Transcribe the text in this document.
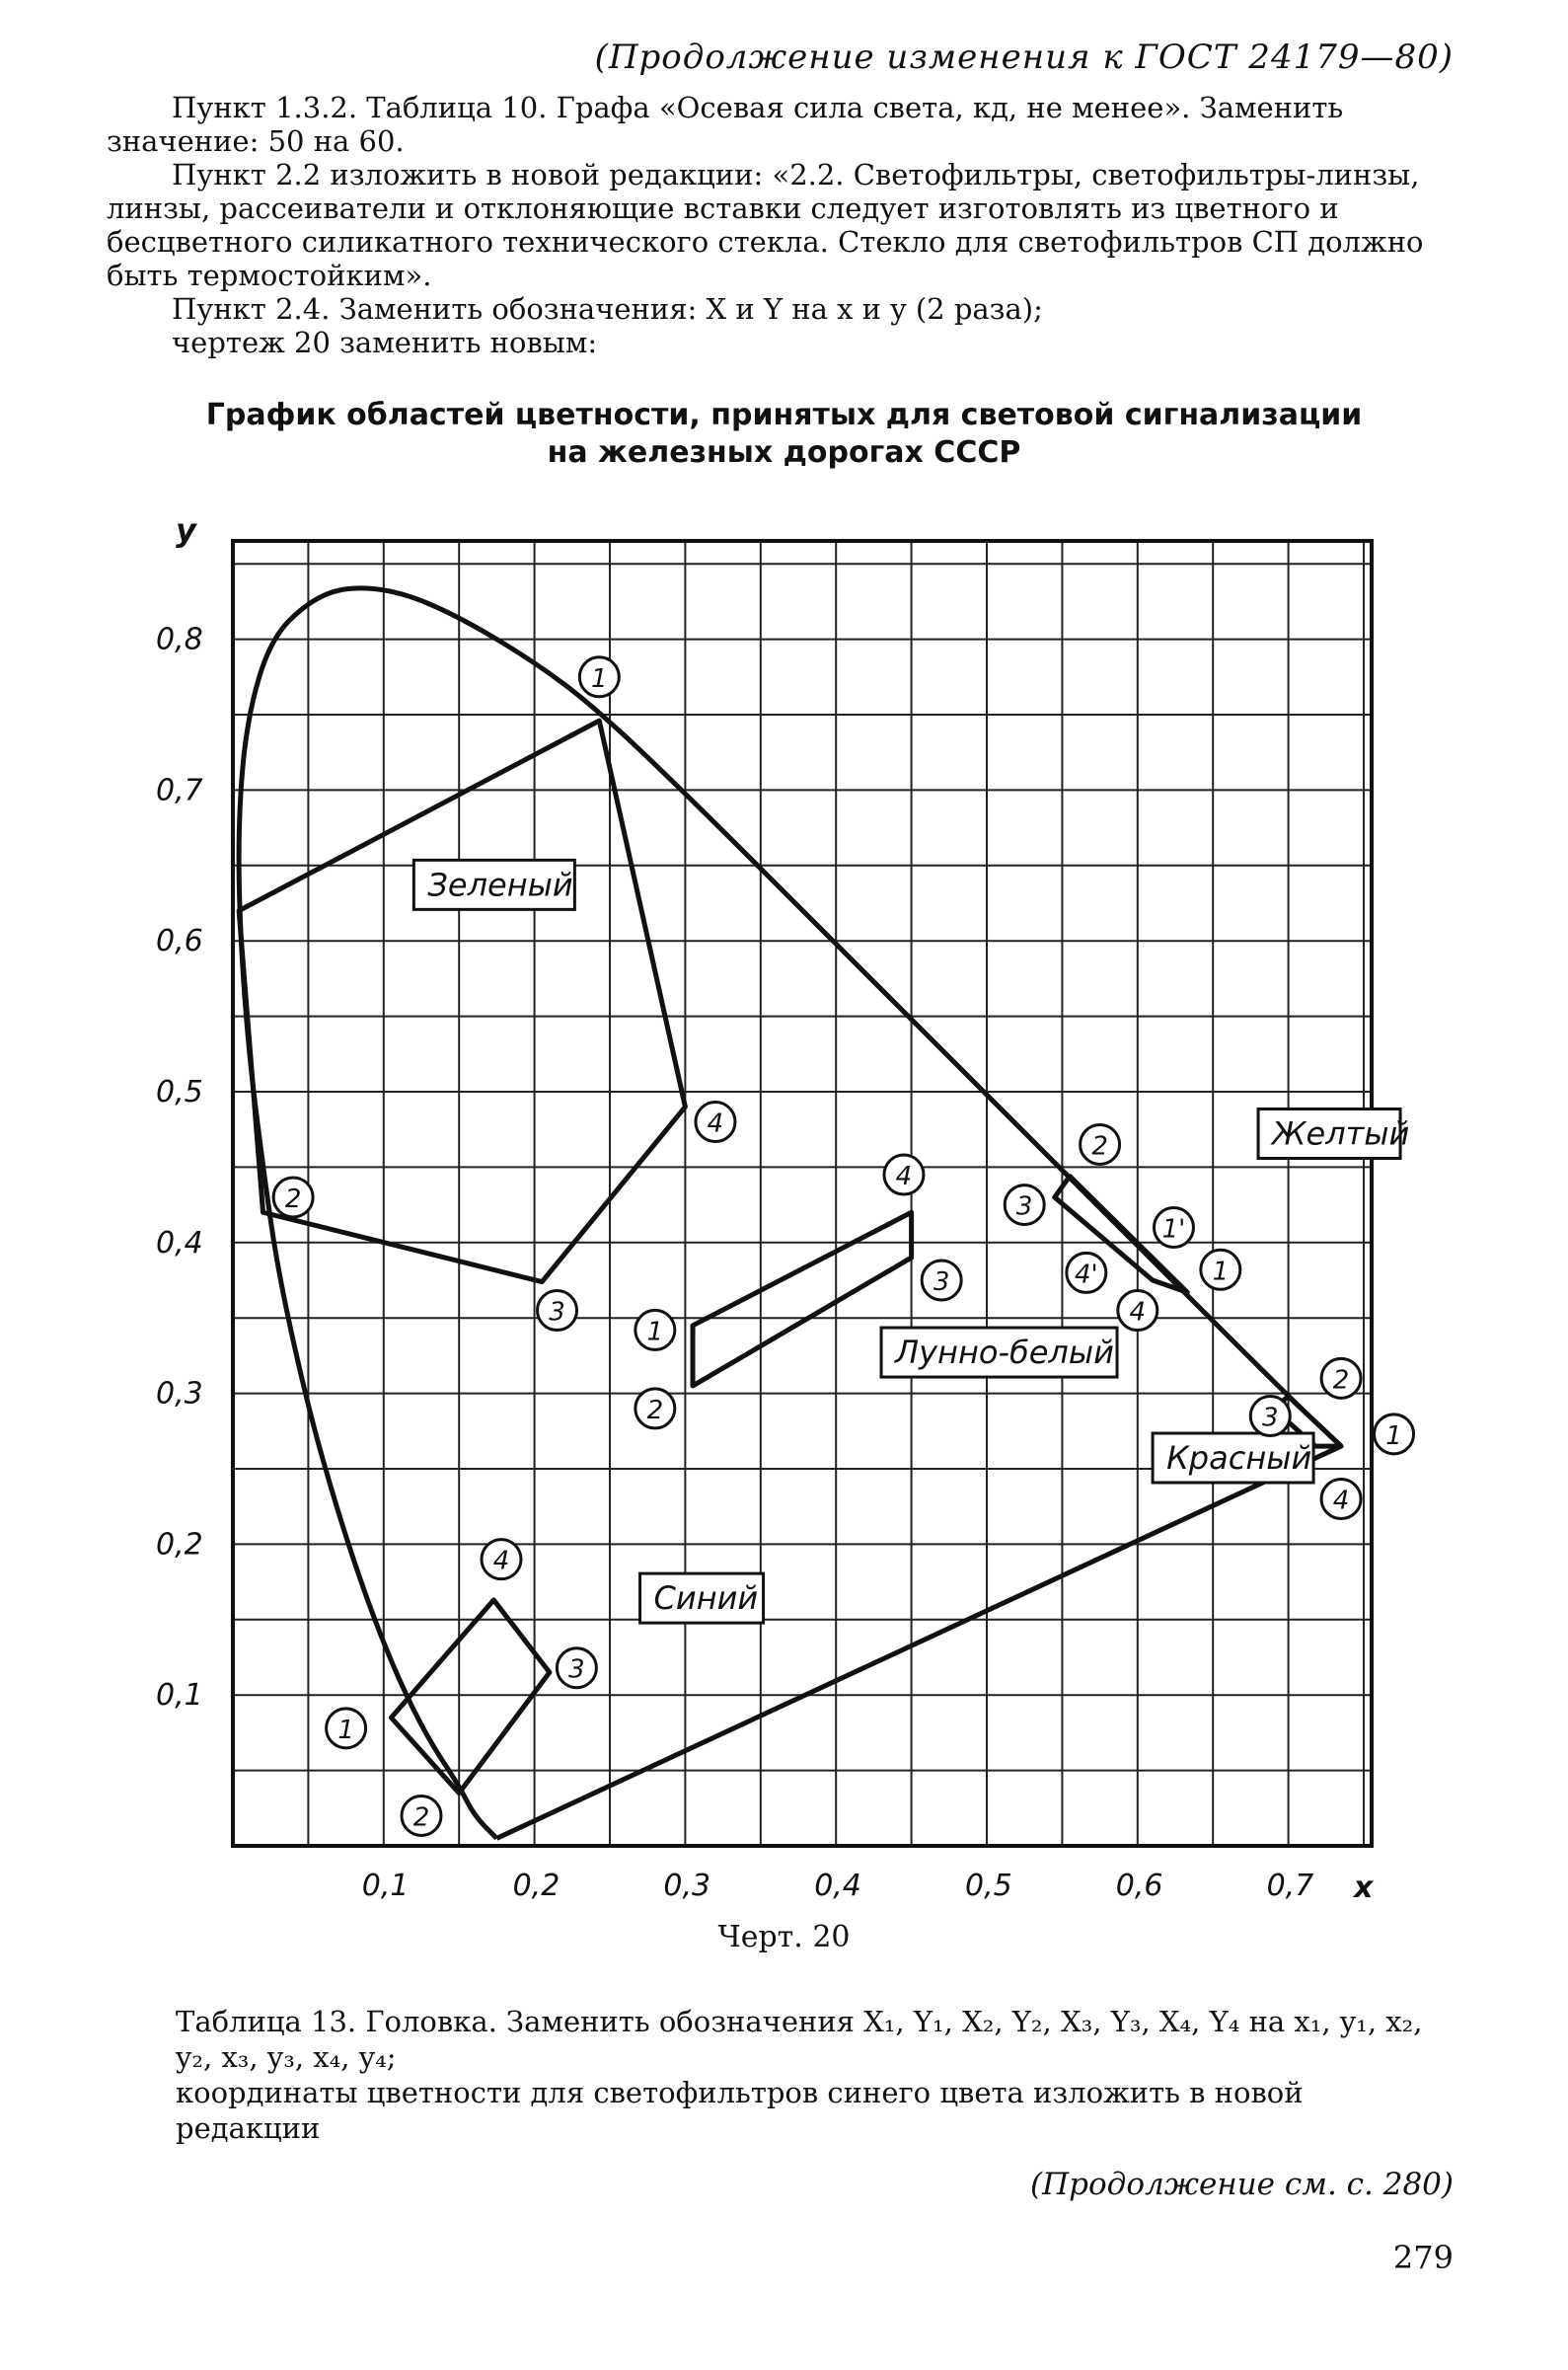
(Продолжение изменения к ГОСТ 24179—80)

Пункт 1.3.2. Таблица 10. Графа «Осевая сила света, кд, не менее». Заменить значение: 50 на 60.

Пункт 2.2 изложить в новой редакции: «2.2. Светофильтры, светофильтры-линзы, линзы, рассеиватели и отклоняющие вставки следует изготовлять из цветного и бесцветного силикатного технического стекла. Стекло для светофильтров СП должно быть термостойким».

Пункт 2.4. Заменить обозначения: X и Y на x и y (2 раза);

чертеж 20 заменить новым:

График областей цветности, принятых для световой сигнализации
на железных дорогах СССР
0,1	0,2	0,3	0,4	0,5	0,6	0,7
0,1
0,2
0,3
0,4
0,5
0,6
0,7
0,8
x
y
Зеленый
1
2
3
4	Желтый
2
3
1'
4'	1
4
Лунно-белый
1
2
3
4
Красный
1
2
3
4
Синий
1
2
3
4
Черт. 20

Таблица 13. Головка. Заменить обозначения X₁, Y₁, X₂, Y₂, X₃, Y₃, X₄, Y₄ на x₁, y₁, x₂, y₂, x₃, y₃, x₄, y₄;

координаты цветности для светофильтров синего цвета изложить в новой редакции

(Продолжение см. с. 280)
279
